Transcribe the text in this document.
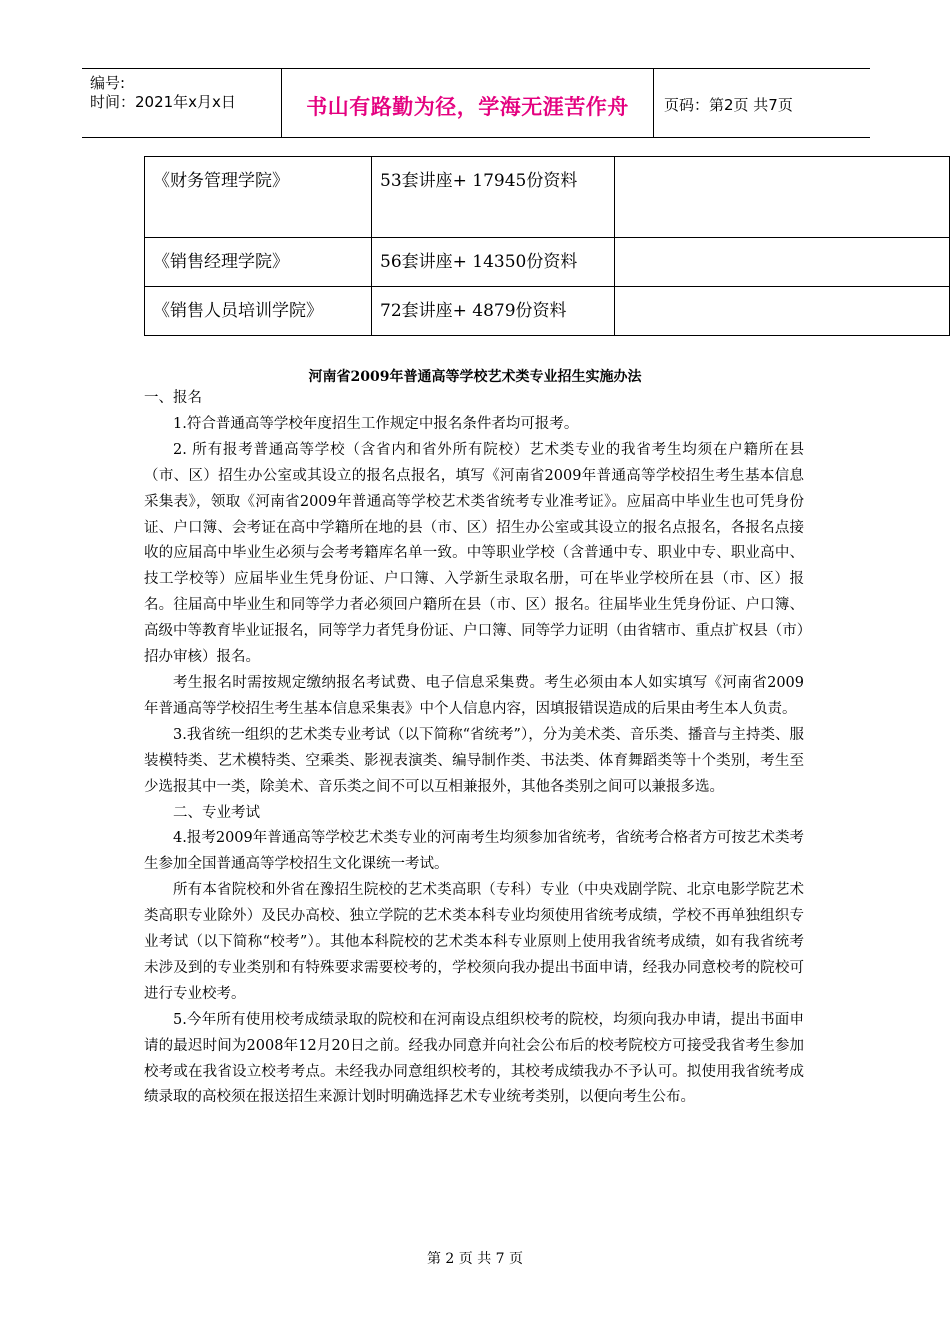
编号:
时间：2021年x月x日	书山有路勤为径，学海无涯苦作舟	页码：第2页 共7页
《财务管理学院》	53套讲座+ 17945份资料	
《销售经理学院》	56套讲座+ 14350份资料	
《销售人员培训学院》	72套讲座+ 4879份资料	
河南省2009年普通高等学校艺术类专业招生实施办法

一、报名

1.符合普通高等学校年度招生工作规定中报名条件者均可报考。

2. 所有报考普通高等学校（含省内和省外所有院校）艺术类专业的我省考生均须在户籍所在县（市、区）招生办公室或其设立的报名点报名，填写《河南省2009年普通高等学校招生考生基本信息采集表》，领取《河南省2009年普通高等学校艺术类省统考专业准考证》。应届高中毕业生也可凭身份证、户口簿、会考证在高中学籍所在地的县（市、区）招生办公室或其设立的报名点报名，各报名点接收的应届高中毕业生必须与会考考籍库名单一致。中等职业学校（含普通中专、职业中专、职业高中、技工学校等）应届毕业生凭身份证、户口簿、入学新生录取名册，可在毕业学校所在县（市、区）报名。往届高中毕业生和同等学力者必须回户籍所在县（市、区）报名。往届毕业生凭身份证、户口簿、高级中等教育毕业证报名，同等学力者凭身份证、户口簿、同等学力证明（由省辖市、重点扩权县（市）招办审核）报名。

考生报名时需按规定缴纳报名考试费、电子信息采集费。考生必须由本人如实填写《河南省2009年普通高等学校招生考生基本信息采集表》中个人信息内容，因填报错误造成的后果由考生本人负责。

3.我省统一组织的艺术类专业考试（以下简称“省统考”），分为美术类、音乐类、播音与主持类、服装模特类、艺术模特类、空乘类、影视表演类、编导制作类、书法类、体育舞蹈类等十个类别，考生至少选报其中一类，除美术、音乐类之间不可以互相兼报外，其他各类别之间可以兼报多选。

二、专业考试

4.报考2009年普通高等学校艺术类专业的河南考生均须参加省统考，省统考合格者方可按艺术类考生参加全国普通高等学校招生文化课统一考试。

所有本省院校和外省在豫招生院校的艺术类高职（专科）专业（中央戏剧学院、北京电影学院艺术类高职专业除外）及民办高校、独立学院的艺术类本科专业均须使用省统考成绩，学校不再单独组织专业考试（以下简称“校考”）。其他本科院校的艺术类本科专业原则上使用我省统考成绩，如有我省统考未涉及到的专业类别和有特殊要求需要校考的，学校须向我办提出书面申请，经我办同意校考的院校可进行专业校考。

5.今年所有使用校考成绩录取的院校和在河南设点组织校考的院校，均须向我办申请，提出书面申请的最迟时间为2008年12月20日之前。经我办同意并向社会公布后的校考院校方可接受我省考生参加校考或在我省设立校考考点。未经我办同意组织校考的，其校考成绩我办不予认可。拟使用我省统考成绩录取的高校须在报送招生来源计划时明确选择艺术专业统考类别，以便向考生公布。

第 2 页 共 7 页
